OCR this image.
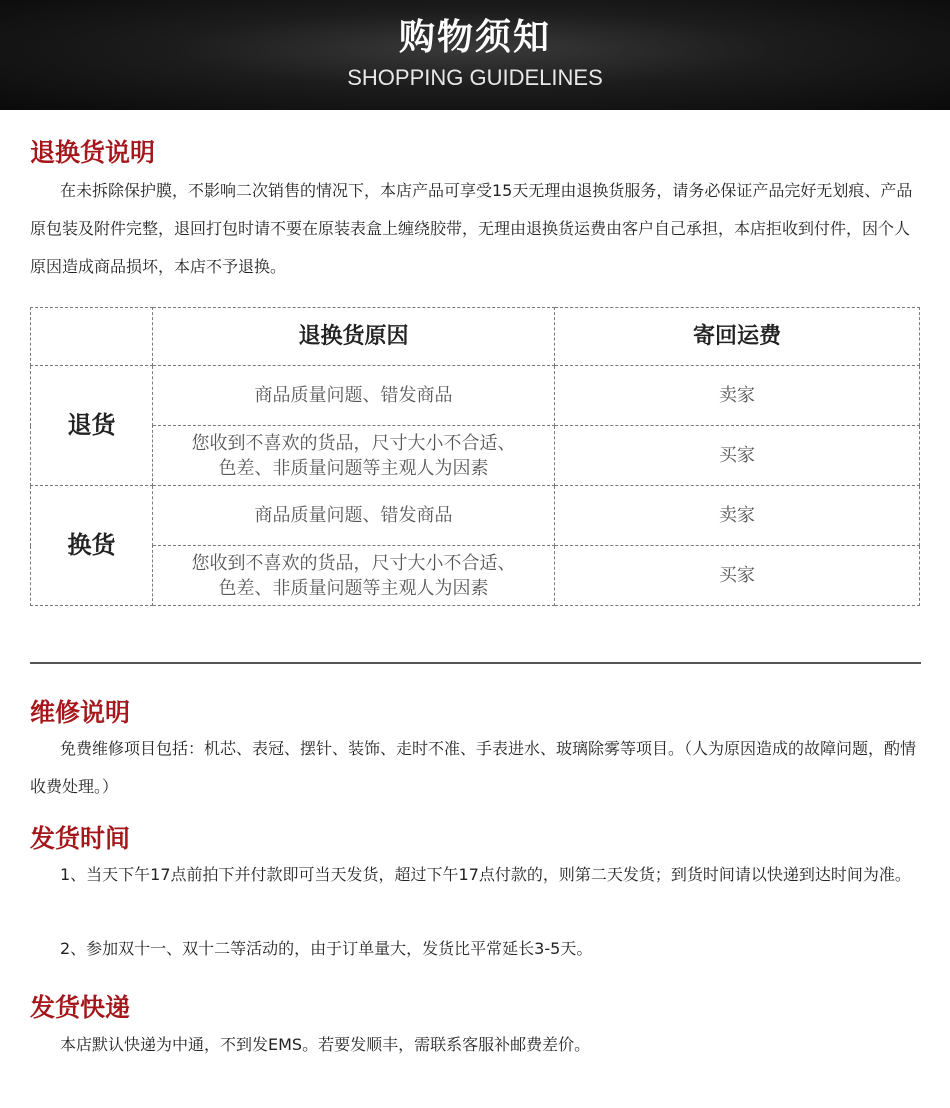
购物须知
SHOPPING GUIDELINES
退换货说明
在未拆除保护膜，不影响二次销售的情况下，本店产品可享受15天无理由退换货服务，请务必保证产品完好无划痕、产品原包装及附件完整，退回打包时请不要在原装表盒上缠绕胶带，无理由退换货运费由客户自己承担，本店拒收到付件，因个人原因造成商品损坏，本店不予退换。
	退换货原因	寄回运费
退货	商品质量问题、错发商品	卖家

	您收到不喜欢的货品，尺寸大小不合适、
色差、非质量问题等主观人为因素	买家
换货	商品质量问题、错发商品	卖家

	您收到不喜欢的货品，尺寸大小不合适、
色差、非质量问题等主观人为因素	买家
维修说明
免费维修项目包括：机芯、表冠、摆针、装饰、走时不准、手表进水、玻璃除雾等项目。（人为原因造成的故障问题，酌情收费处理。）
发货时间
1、当天下午17点前拍下并付款即可当天发货，超过下午17点付款的，则第二天发货；到货时间请以快递到达时间为准。
2、参加双十一、双十二等活动的，由于订单量大，发货比平常延长3-5天。
发货快递
本店默认快递为中通，不到发EMS。若要发顺丰，需联系客服补邮费差价。
